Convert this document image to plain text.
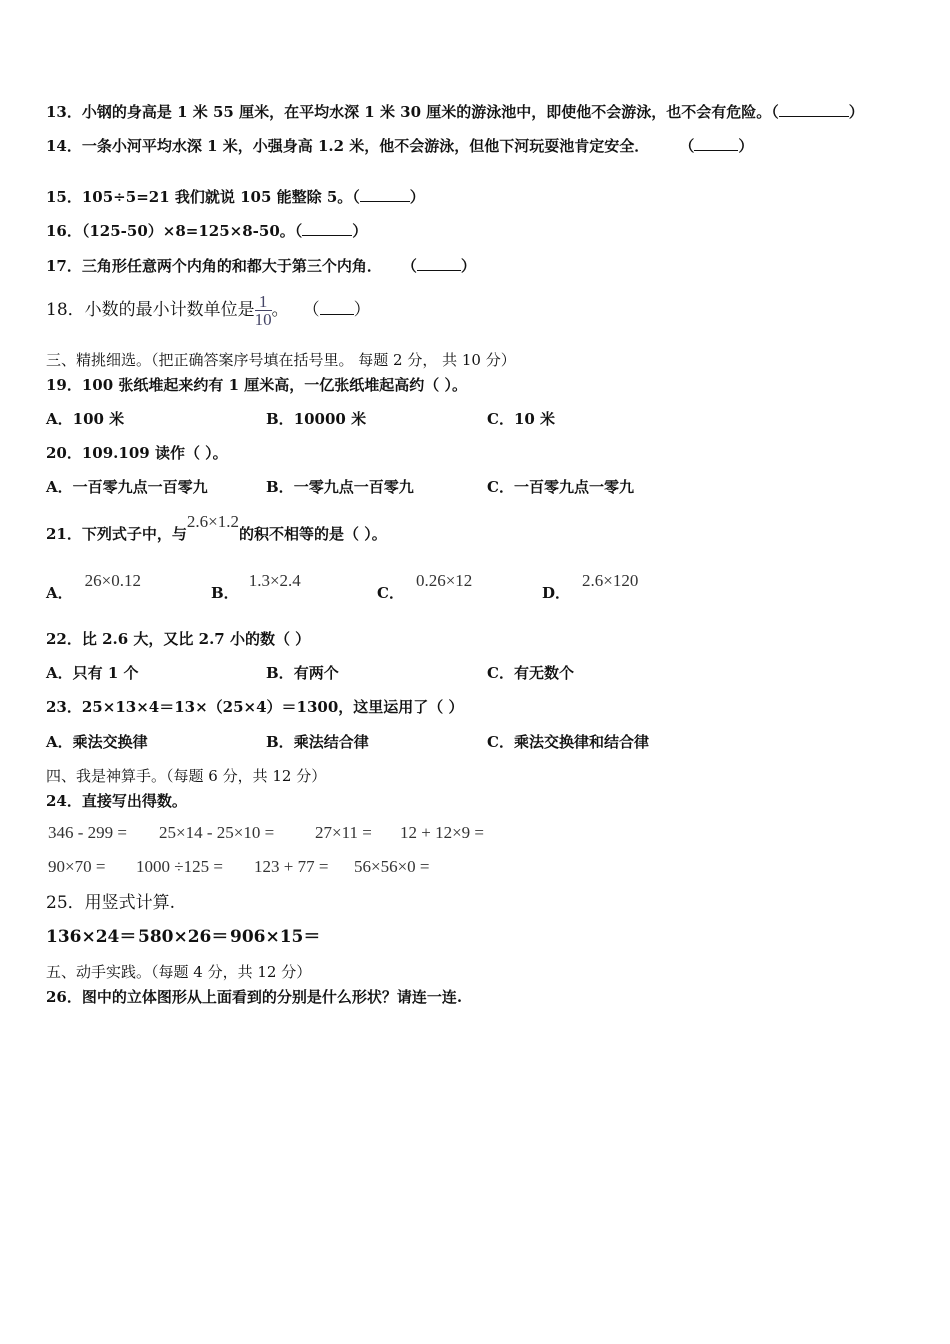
13．小钢的身高是 1 米 55 厘米，在平均水深 1 米 30 厘米的游泳池中，即使他不会游泳，也不会有危险。（	）
14．一条小河平均水深 1 米，小强身高 1.2 米，他不会游泳，但他下河玩耍池肯定安全． （	）
15．105÷5=21 我们就说 105 能整除 5。（	）
16．（125-50）×8=125×8-50。（	）
17．三角形任意两个内角的和都大于第三个内角． （	）
18．小数的最小计数单位是 $\frac{1}{10}$ 。 （ ）
三、精挑细选。（把正确答案序号填在括号里。 每题 2 分， 共 10 分）
19．100 张纸堆起来约有 1 厘米高，一亿张纸堆起高约（ ）。
A．100 米	B．10000 米	C．10 米
20．109.109 读作（ ）。
A．一百零九点一百零九	B．一零九点一百零九	C．一百零九点一零九
21．下列式子中，与2.6×1.2的积不相等的是（ ）。
A．26×0.12
B．1.3×2.4
C．0.26×12
D．2.6×120
22．比 2.6 大，又比 2.7 小的数（ ）
A．只有 1 个	B．有两个	C．有无数个
23．25×13×4＝13×（25×4）＝1300，这里运用了（ ）
A．乘法交换律	B．乘法结合律	C．乘法交换律和结合律
四、我是神算手。（每题 6 分，共 12 分）
24．直接写出得数。
346 - 299 = 25×14 - 25×10 = 27×11 = 12 + 12×9 =
90×70 = 1000 ÷125 = 123 + 77 = 56×56×0 =
25．用竖式计算.
136×24＝ 580×26＝ 906×15＝
五、动手实践。（每题 4 分，共 12 分）
26．图中的立体图形从上面看到的分别是什么形状？请连一连.
